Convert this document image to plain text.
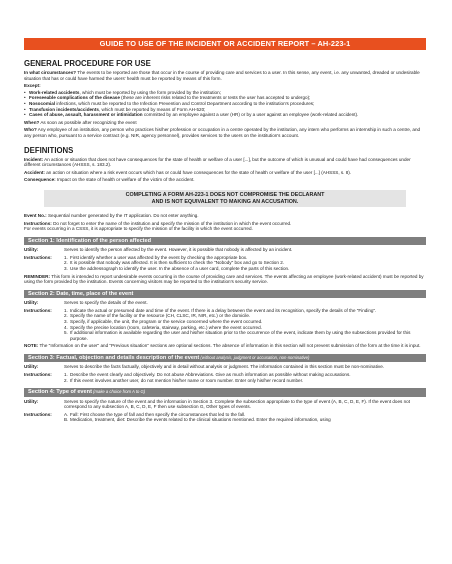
GUIDE TO USE OF THE INCIDENT OR ACCIDENT REPORT – AH-223-1
GENERAL PROCEDURE FOR USE

In what circumstances? The events to be reported are those that occur in the course of providing care and services to a user. In this sense, any event, i.e. any unwanted, dreaded or undesirable situation that has or could have harmed the users' health must be reported by means of this form.

Except:

• Work-related accidents, which must be reported by using the form provided by the institution;
• Foreseeable complications of the disease (these are inherent risks related to the treatments or tests the user has accepted to undergo);
• Nosocomial infections, which must be reported to the Infection Prevention and Control Department according to the institution's procedures;
• Transfusion incidents/accidents, which must be reported by means of Form AH-520;
• Cases of abuse, assault, harassment or intimidation committed by an employee against a user (HR) or by a user against an employee (work-related accident).

When? As soon as possible after recognizing the event

Who? Any employee of an institution, any person who practices his/her profession or occupation in a centre operated by the institution, any intern who performs an internship in such a centre, and any person who, pursuant to a service contract (e.g. NIR, agency personnel), provides services to the users on the institution's account.

DEFINITIONS

Incident: An action or situation that does not have consequences for the state of health or welfare of a user [...], but the outcome of which is unusual and could have had consequences under different circumstances (AHSSS, s. 183.2).

Accident: an action or situation where a risk event occurs which has or could have consequences for the state of health or welfare of the user [...] (AHSSS, s. 8).

Consequence: Impact on the state of health or welfare of the victim of the accident.

COMPLETING A FORM AH-223-1 DOES NOT COMPROMISE THE DECLARANT
AND IS NOT EQUIVALENT TO MAKING AN ACCUSATION.

Event No.: Sequential number generated by the IT application. Do not enter anything.

Instructions: Do not forget to enter the name of the institution and specify the mission of the institution in which the event occurred.

For events occurring in a CSSS, it is appropriate to specify the mission of the facility in which the event occurred.

Section 1: Identification of the person affected
Utility:	Serves to identify the person affected by the event. However, it is possible that nobody is affected by an incident.
Instructions:	1. First identify whether a user was affected by the event by checking the appropriate box.
2. It is possible that nobody was affected. It is then sufficient to check the "Nobody" box and go to Section 2.
3. Use the addressograph to identify the user. In the absence of a user card, complete the parts of this section.

REMINDER: This form is intended to report undesirable events occurring in the course of providing care and services. The events affecting an employee (work-related accident) must be reported by using the form provided by the institution. Events concerning visitors may be reported to the institution's security service.

Section 2: Date, time, place of the event
Utility:	Serves to specify the details of the event.
Instructions:	1. Indicate the actual or presumed date and time of the event. If there is a delay between the event and its recognition, specify the details of the "Finding".
2. Specify the name of the facility or the resource (CH, CLSC, IR, NIR, etc.) or the domicile.
3. Specify, if applicable, the unit, the program or the service concerned where the event occurred.
4. Specify the precise location (room, cafeteria, stairway, parking, etc.) where the event occurred.
5. If additional information is available regarding the user and his/her situation prior to the occurrence of the event, indicate them by using the subsections provided for this purpose.

NOTE: The "Information on the user" and "Previous situation" sections are optional sections. The absence of information in this section will not prevent submission of the form at the time it is input.

Section 3: Factual, objection and details description of the event (without analysis, judgment or accusation, non-nominative)
Utility:	Serves to describe the facts factually, objectively and in detail without analysis or judgment. The information contained in this section must be non-nominative.
Instructions:	1. Describe the event clearly and objectively. Do not abuse Abbreviations. Give as much information as possible without making accusations.
2. If this event involves another user, do not mention his/her name or room number. Enter only his/her record number.
Section 4: Type of event (make a choice from A to G)
Utility:	Serves to specify the nature of the event and the information in Section 3. Complete the subsection appropriate to the type of event (A, B, C, D, E, F). If the event does not correspond to any subsection A, B, C, D, E, F then use subsection G, Other types of events.
Instructions:	A. Fall: First choose the type of fall and then specify the circumstances that led to the fall.
B. Medication, treatment, diet: Describe the events related to the clinical situations mentioned. Enter the required information, using
